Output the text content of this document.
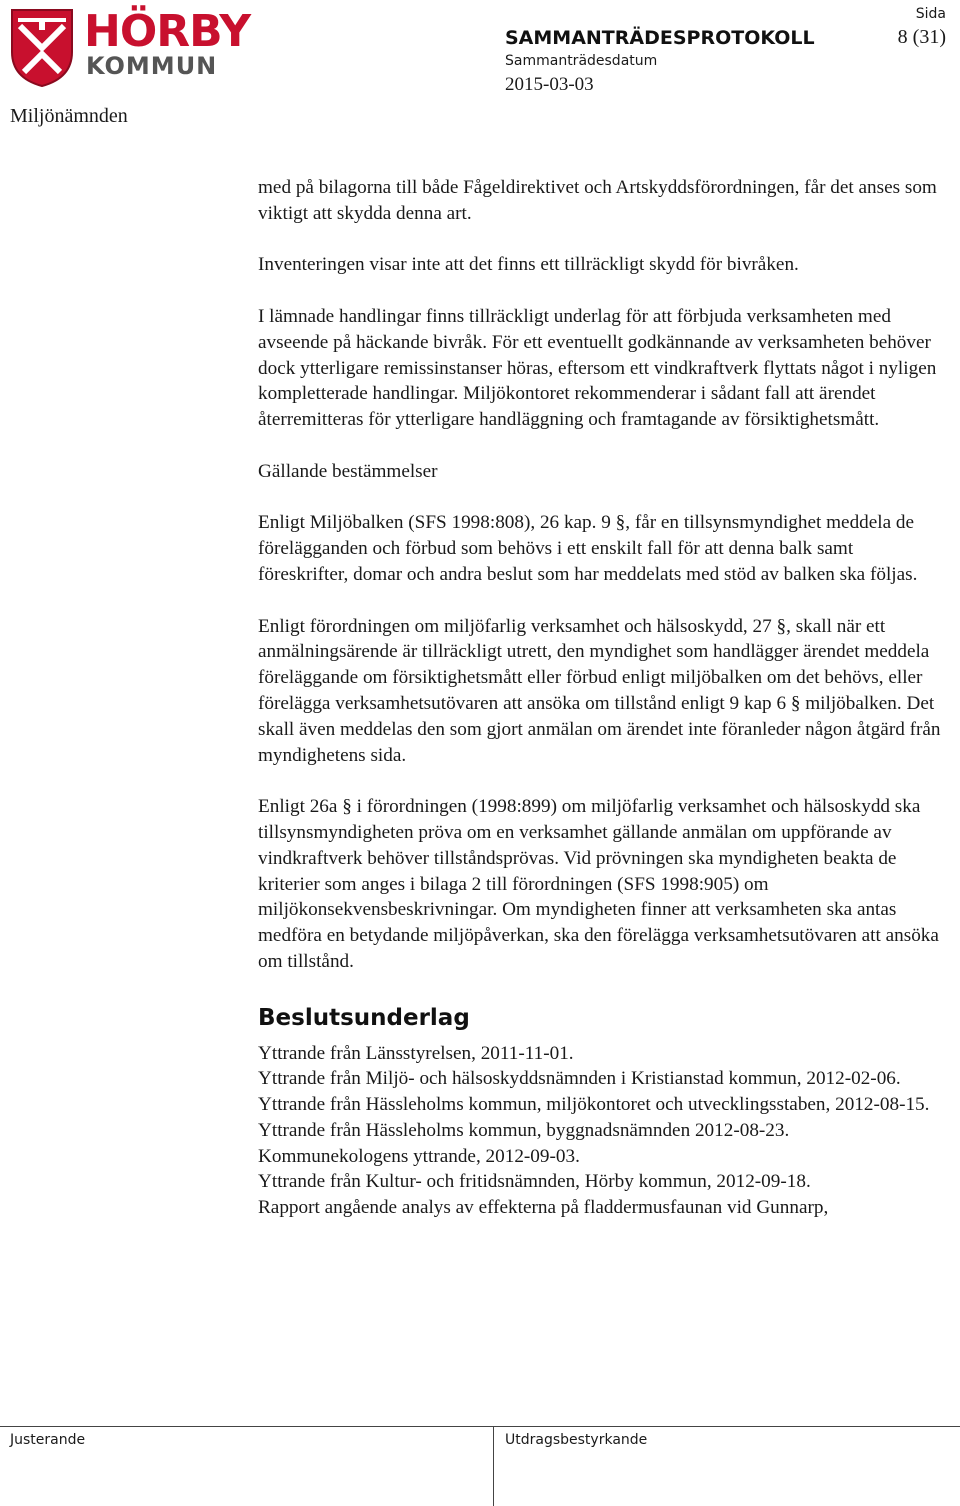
HÖRBY
KOMMUN
Miljönämnden
SAMMANTRÄDESPROTOKOLL
Sammanträdesdatum
2015-03-03
Sida
8 (31)

med på bilagorna till både Fågeldirektivet och Artskyddsförordningen, får det anses som viktigt att skydda denna art.

Inventeringen visar inte att det finns ett tillräckligt skydd för bivråken.

I lämnade handlingar finns tillräckligt underlag för att förbjuda verksamheten med avseende på häckande bivråk. För ett eventuellt godkännande av verksamheten behöver dock ytterligare remissinstanser höras, eftersom ett vindkraftverk flyttats något i nyligen kompletterade handlingar. Miljökontoret rekommenderar i sådant fall att ärendet återremitteras för ytterligare handläggning och framtagande av försiktighetsmått.

Gällande bestämmelser

Enligt Miljöbalken (SFS 1998:808), 26 kap. 9 §, får en tillsynsmyndighet meddela de förelägganden och förbud som behövs i ett enskilt fall för att denna balk samt föreskrifter, domar och andra beslut som har meddelats med stöd av balken ska följas.

Enligt förordningen om miljöfarlig verksamhet och hälsoskydd, 27 §, skall när ett anmälningsärende är tillräckligt utrett, den myndighet som handlägger ärendet meddela föreläggande om försiktighetsmått eller förbud enligt miljöbalken om det behövs, eller förelägga verksamhetsutövaren att ansöka om tillstånd enligt 9 kap 6 § miljöbalken. Det skall även meddelas den som gjort anmälan om ärendet inte föranleder någon åtgärd från myndighetens sida.

Enligt 26a § i förordningen (1998:899) om miljöfarlig verksamhet och hälsoskydd ska tillsynsmyndigheten pröva om en verksamhet gällande anmälan om uppförande av vindkraftverk behöver tillståndsprövas. Vid prövningen ska myndigheten beakta de kriterier som anges i bilaga 2 till förordningen (SFS 1998:905) om miljökonsekvensbeskrivningar. Om myndigheten finner att verksamheten ska antas medföra en betydande miljöpåverkan, ska den förelägga verksamhetsutövaren att ansöka om tillstånd.

Beslutsunderlag
Yttrande från Länsstyrelsen, 2011-11-01.
Yttrande från Miljö- och hälsoskyddsnämnden i Kristianstad kommun, 2012-02-06.
Yttrande från Hässleholms kommun, miljökontoret och utvecklingsstaben, 2012-08-15.
Yttrande från Hässleholms kommun, byggnadsnämnden 2012-08-23.
Kommunekologens yttrande, 2012-09-03.
Yttrande från Kultur- och fritidsnämnden, Hörby kommun, 2012-09-18.
Rapport angående analys av effekterna på fladdermusfaunan vid Gunnarp,
Justerande	Utdragsbestyrkande
